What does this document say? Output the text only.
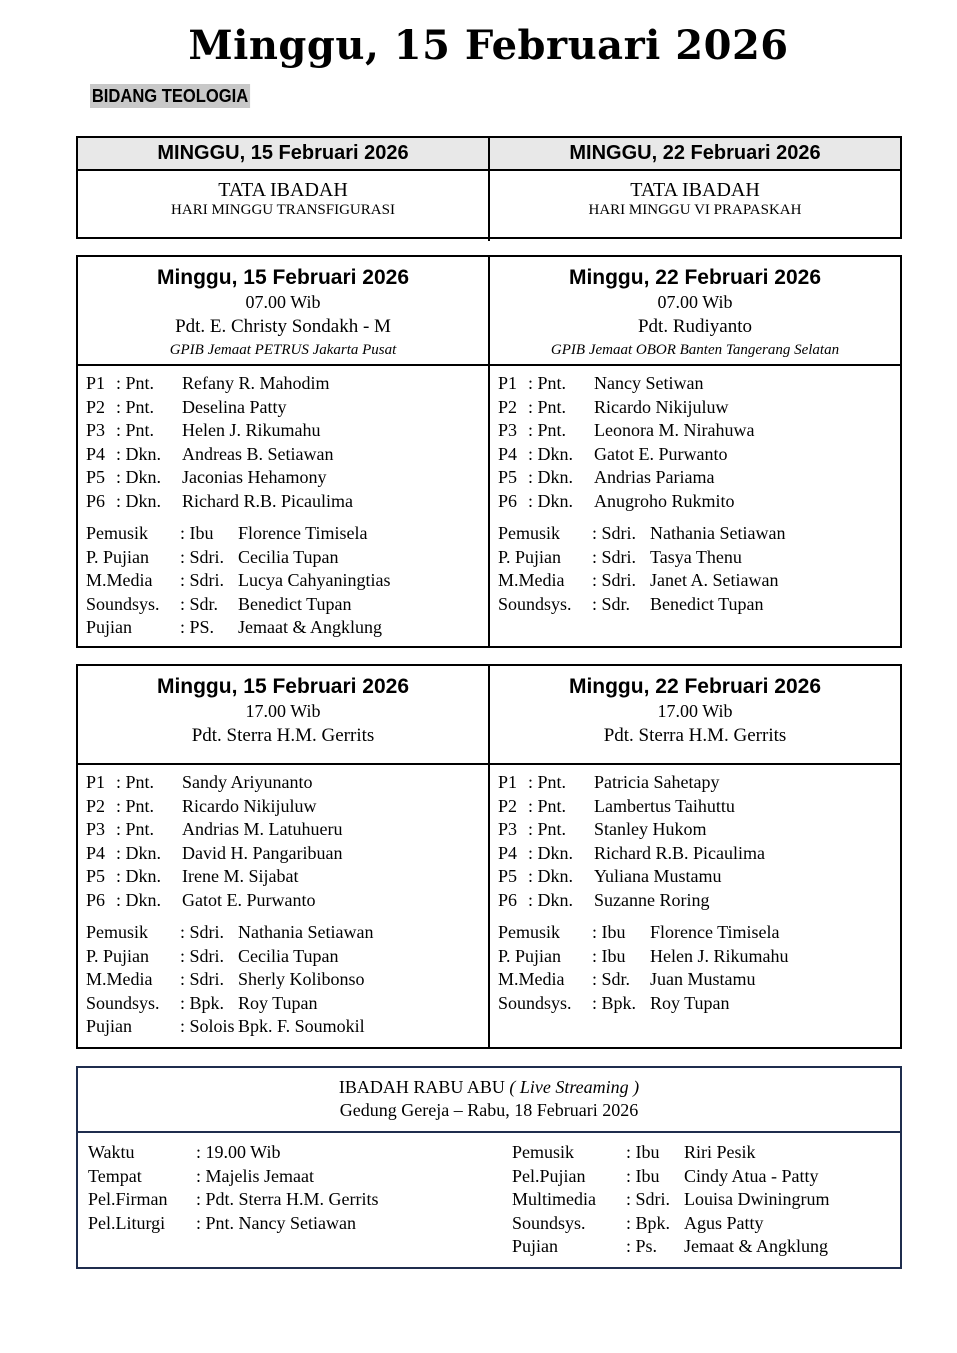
Minggu, 15 Februari 2026
BIDANG TEOLOGIA
MINGGU, 15 Februari 2026
TATA IBADAH
HARI MINGGU TRANSFIGURASI
MINGGU, 22 Februari 2026
TATA IBADAH
HARI MINGGU VI PRAPASKAH
Minggu, 15 Februari 2026
07.00 Wib
Pdt. E. Christy Sondakh - M
GPIB Jemaat PETRUS Jakarta Pusat
P1 : Pnt.	Refany R. Mahodim
P2 : Pnt.	Deselina Patty
P3 : Pnt.	Helen J. Rikumahu
P4 : Dkn.	Andreas B. Setiawan
P5 : Dkn.	Jaconias Hehamony
P6 : Dkn.	Richard R.B. Picaulima
Pemusik	: Ibu	Florence Timisela
P. Pujian	: Sdri. Cecilia Tupan
M.Media	: Sdri. Lucya Cahyaningtias
Soundsys.	: Sdr.	Benedict Tupan
Pujian	: PS.	Jemaat & Angklung
Minggu, 22 Februari 2026
07.00 Wib
Pdt. Rudiyanto
GPIB Jemaat OBOR Banten Tangerang Selatan
P1 : Pnt.	Nancy Setiwan
P2 : Pnt.	Ricardo Nikijuluw
P3 : Pnt.	Leonora M. Nirahuwa
P4 : Dkn.	Gatot E. Purwanto
P5 : Dkn.	Andrias Pariama
P6 : Dkn.	Anugroho Rukmito
Pemusik	: Sdri. Nathania Setiawan
P. Pujian	: Sdri. Tasya Thenu
M.Media	: Sdri. Janet A. Setiawan
Soundsys.	: Sdr.	Benedict Tupan
Minggu, 15 Februari 2026
17.00 Wib
Pdt. Sterra H.M. Gerrits
P1 : Pnt.	Sandy Ariyunanto
P2 : Pnt.	Ricardo Nikijuluw
P3 : Pnt.	Andrias M. Latuhueru
P4 : Dkn.	David H. Pangaribuan
P5 : Dkn.	Irene M. Sijabat
P6 : Dkn.	Gatot E. Purwanto
Pemusik	: Sdri. Nathania Setiawan
P. Pujian	: Sdri. Cecilia Tupan
M.Media	: Sdri. Sherly Kolibonso
Soundsys.	: Bpk. Roy Tupan
Pujian	: Solois Bpk. F. Soumokil
Minggu, 22 Februari 2026
17.00 Wib
Pdt. Sterra H.M. Gerrits
P1 : Pnt.	Patricia Sahetapy
P2 : Pnt.	Lambertus Taihuttu
P3 : Pnt.	Stanley Hukom
P4 : Dkn.	Richard R.B. Picaulima
P5 : Dkn.	Yuliana Mustamu
P6 : Dkn.	Suzanne Roring
Pemusik	: Ibu	Florence Timisela
P. Pujian	: Ibu	Helen J. Rikumahu
M.Media	: Sdr.	Juan Mustamu
Soundsys.	: Bpk. Roy Tupan
IBADAH RABU ABU ( Live Streaming )
Gedung Gereja – Rabu, 18 Februari 2026
Waktu	: 19.00 Wib
Tempat	: Majelis Jemaat
Pel.Firman	: Pdt. Sterra H.M. Gerrits
Pel.Liturgi	: Pnt. Nancy Setiawan
Pemusik	: Ibu	Riri Pesik
Pel.Pujian	: Ibu	Cindy Atua - Patty
Multimedia	: Sdri. Louisa Dwiningrum
Soundsys.	: Bpk. Agus Patty
Pujian	: Ps.	Jemaat & Angklung
